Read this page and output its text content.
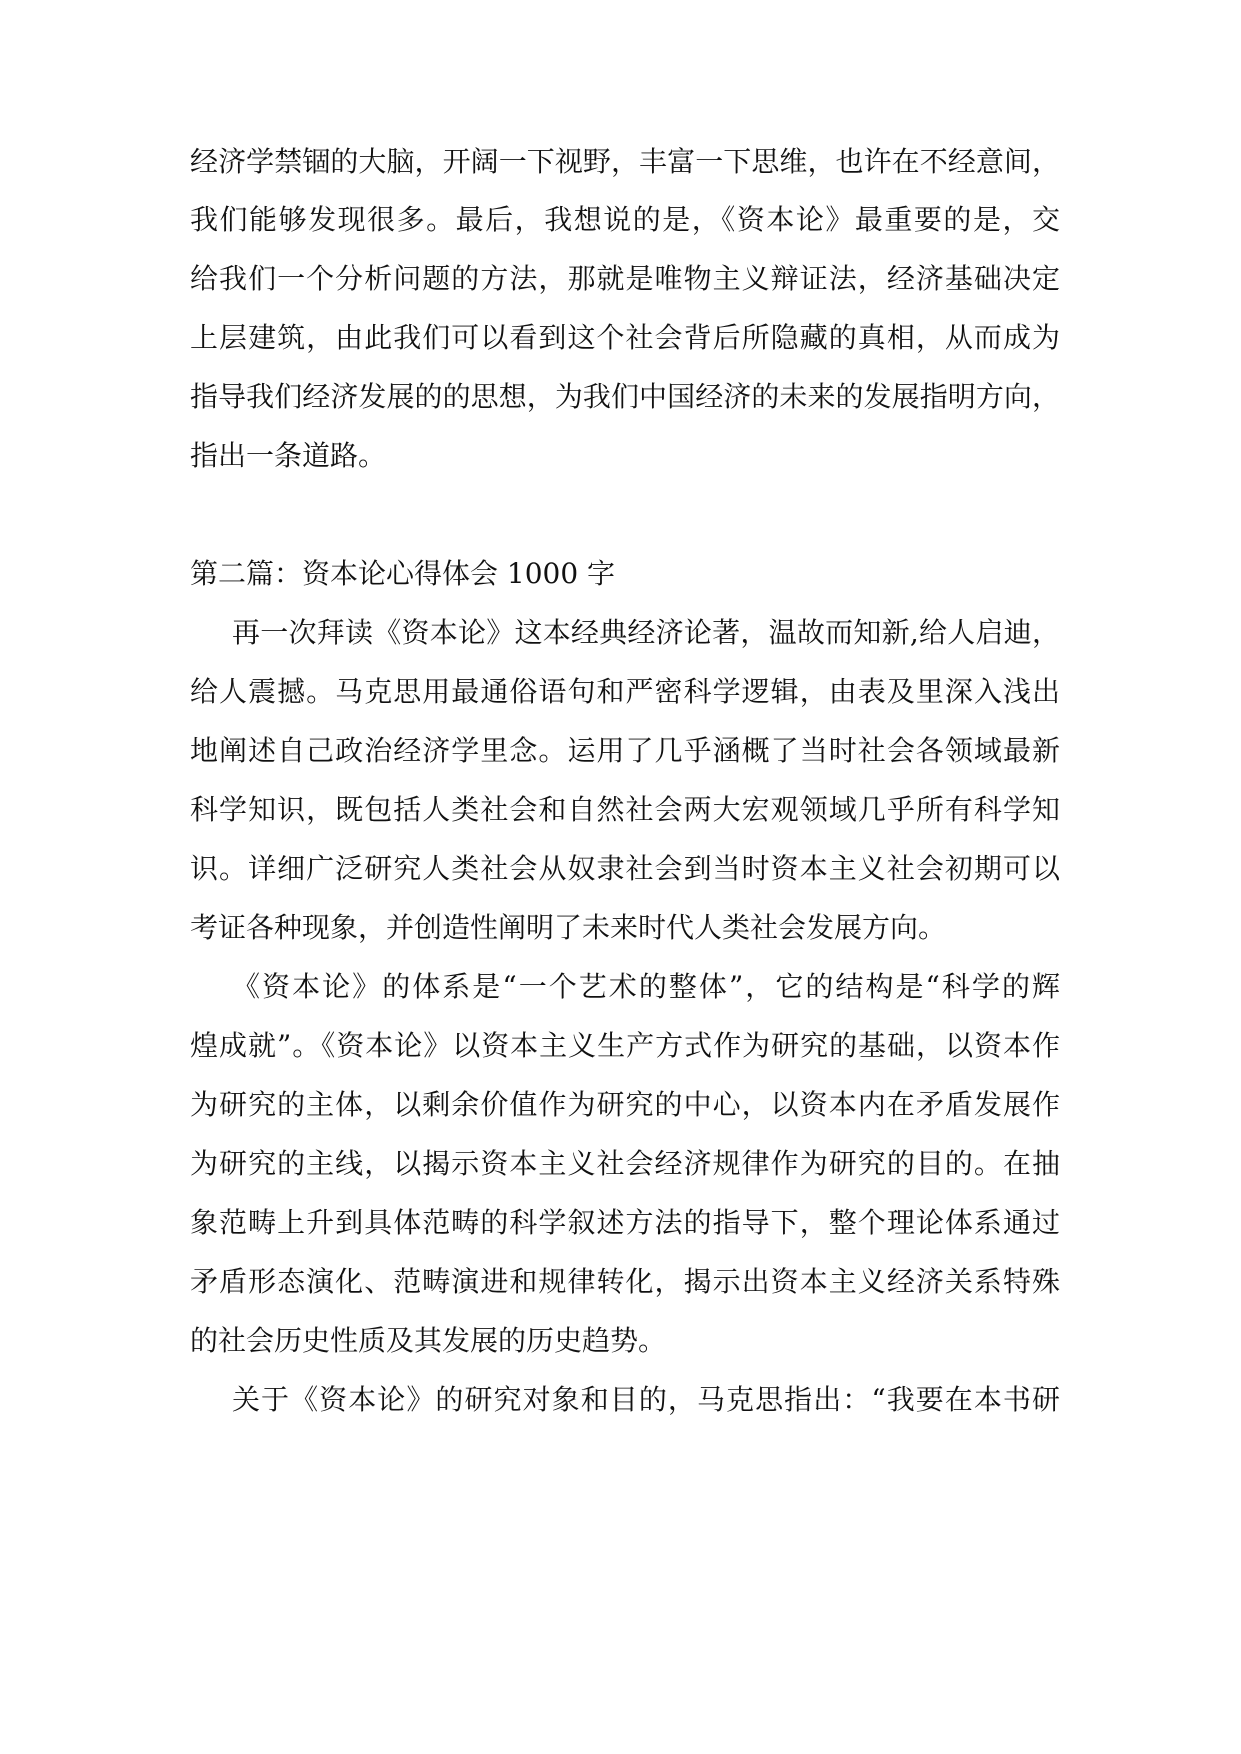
经济学禁锢的大脑，开阔一下视野，丰富一下思维，也许在不经意间，
我们能够发现很多。最后，我想说的是，《资本论》最重要的是，交
给我们一个分析问题的方法，那就是唯物主义辩证法，经济基础决定
上层建筑，由此我们可以看到这个社会背后所隐藏的真相，从而成为
指导我们经济发展的的思想，为我们中国经济的未来的发展指明方向，
指出一条道路。
第二篇：资本论心得体会 1000 字
再一次拜读《资本论》这本经典经济论著，温故而知新,给人启迪，
给人震撼。马克思用最通俗语句和严密科学逻辑，由表及里深入浅出
地阐述自己政治经济学里念。运用了几乎涵概了当时社会各领域最新
科学知识，既包括人类社会和自然社会两大宏观领域几乎所有科学知
识。详细广泛研究人类社会从奴隶社会到当时资本主义社会初期可以
考证各种现象，并创造性阐明了未来时代人类社会发展方向。
《资本论》的体系是“一个艺术的整体”，它的结构是“科学的辉
煌成就”。《资本论》以资本主义生产方式作为研究的基础，以资本作
为研究的主体，以剩余价值作为研究的中心，以资本内在矛盾发展作
为研究的主线，以揭示资本主义社会经济规律作为研究的目的。在抽
象范畴上升到具体范畴的科学叙述方法的指导下，整个理论体系通过
矛盾形态演化、范畴演进和规律转化，揭示出资本主义经济关系特殊
的社会历史性质及其发展的历史趋势。
关于《资本论》的研究对象和目的，马克思指出：“我要在本书研
